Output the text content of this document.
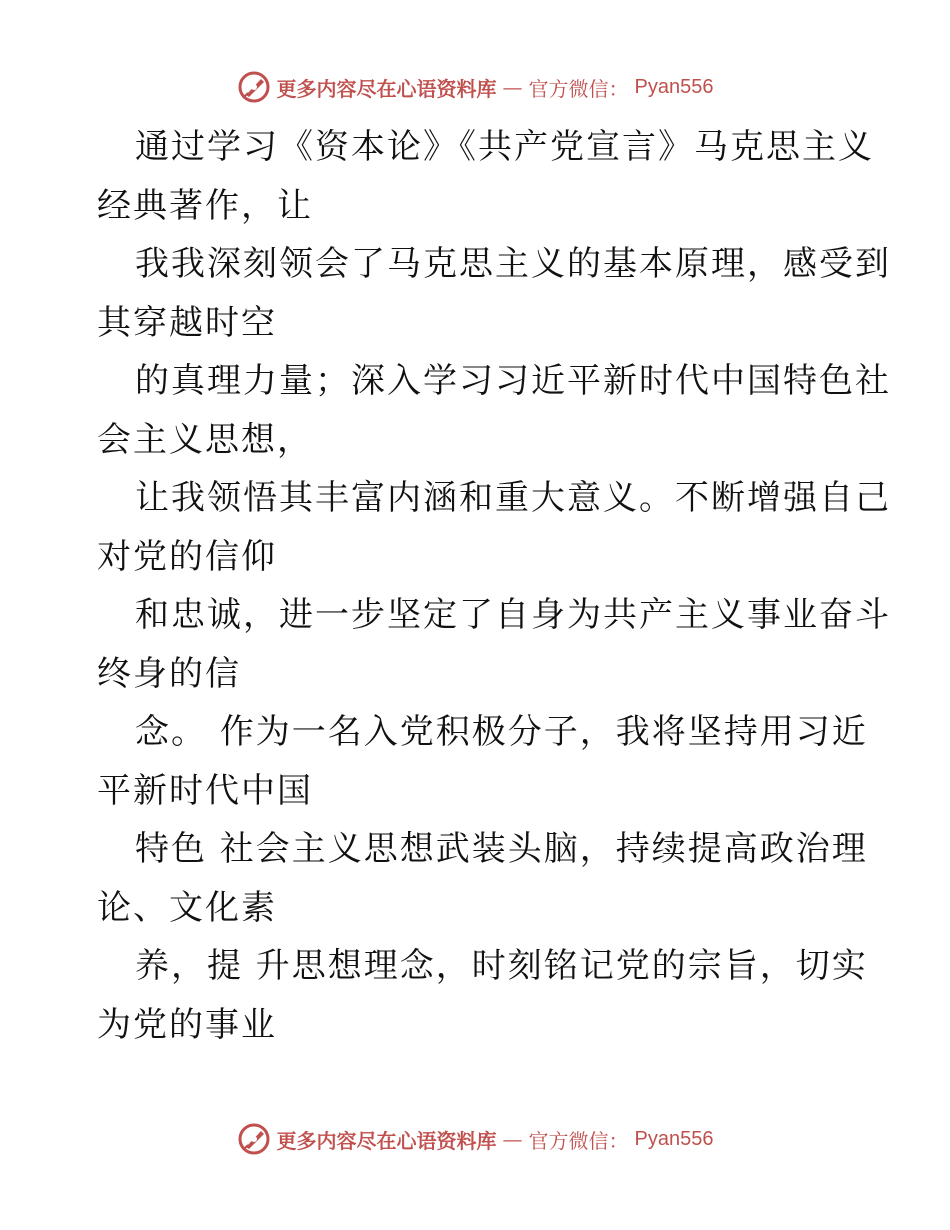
更多内容尽在心语资料库 — 官方微信： Pyan556
通过学习《资本论》《共产党宣言》马克思主义
经典著作，让
我我深刻领会了马克思主义的基本原理，感受到
其穿越时空
的真理力量；深入学习习近平新时代中国特色社
会主义思想，
让我领悟其丰富内涵和重大意义。不断增强自己
对党的信仰
和忠诚，进一步坚定了自身为共产主义事业奋斗
终身的信
念。 作为一名入党积极分子，我将坚持用习近
平新时代中国
特色 社会主义思想武装头脑，持续提高政治理
论、文化素
养，提 升思想理念，时刻铭记党的宗旨，切实
为党的事业
更多内容尽在心语资料库 — 官方微信： Pyan556
